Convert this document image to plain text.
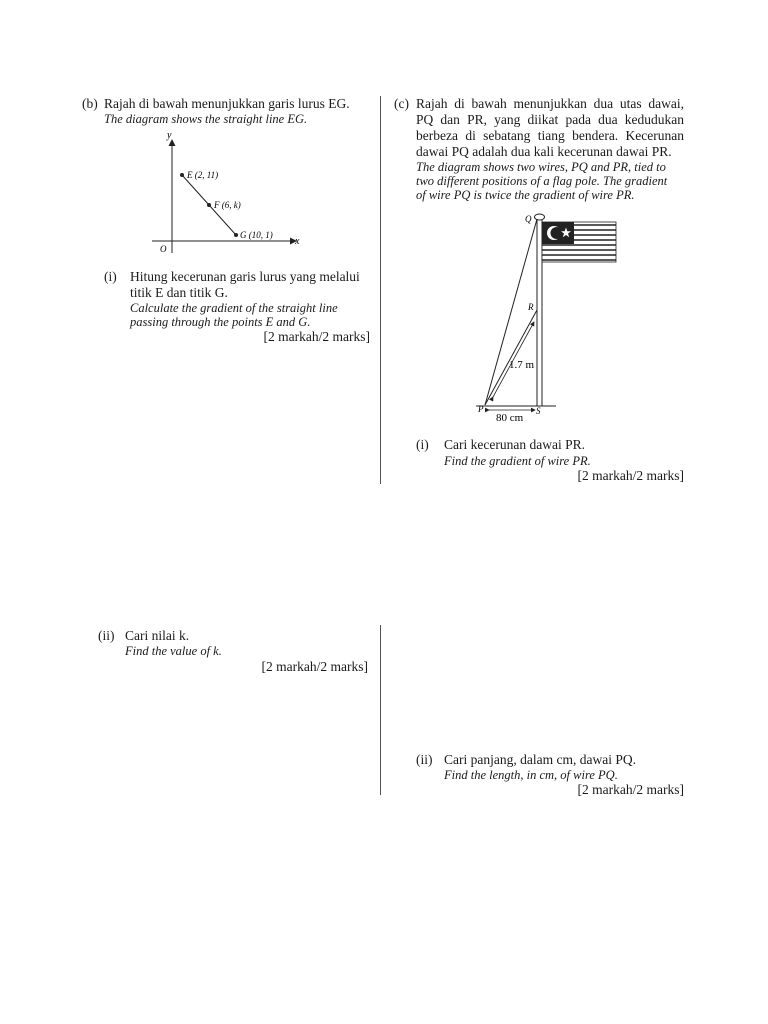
(b) Rajah di bawah menunjukkan garis lurus EG.
The diagram shows the straight line EG.
y
x
O
E (2, 11)
F (6, k)
G (10, 1)
(i) Hitung kecerunan garis lurus yang melalui
titik E dan titik G.
Calculate the gradient of the straight line
passing through the points E and G.
[2 markah/2 marks]
(ii) Cari nilai k.
Find the value of k.
[2 markah/2 marks]
(c) Rajah di bawah menunjukkan dua utas dawai,
PQ dan PR, yang diikat pada dua kedudukan
berbeza di sebatang tiang bendera. Kecerunan
dawai PQ adalah dua kali kecerunan dawai PR.
The diagram shows two wires, PQ and PR, tied to
two different positions of a flag pole. The gradient
of wire PQ is twice the gradient of wire PR.
Q
R
P	S
1.7 m
80 cm
(i) Cari kecerunan dawai PR.
Find the gradient of wire PR.
[2 markah/2 marks]
(ii) Cari panjang, dalam cm, dawai PQ.
Find the length, in cm, of wire PQ.
[2 markah/2 marks]
